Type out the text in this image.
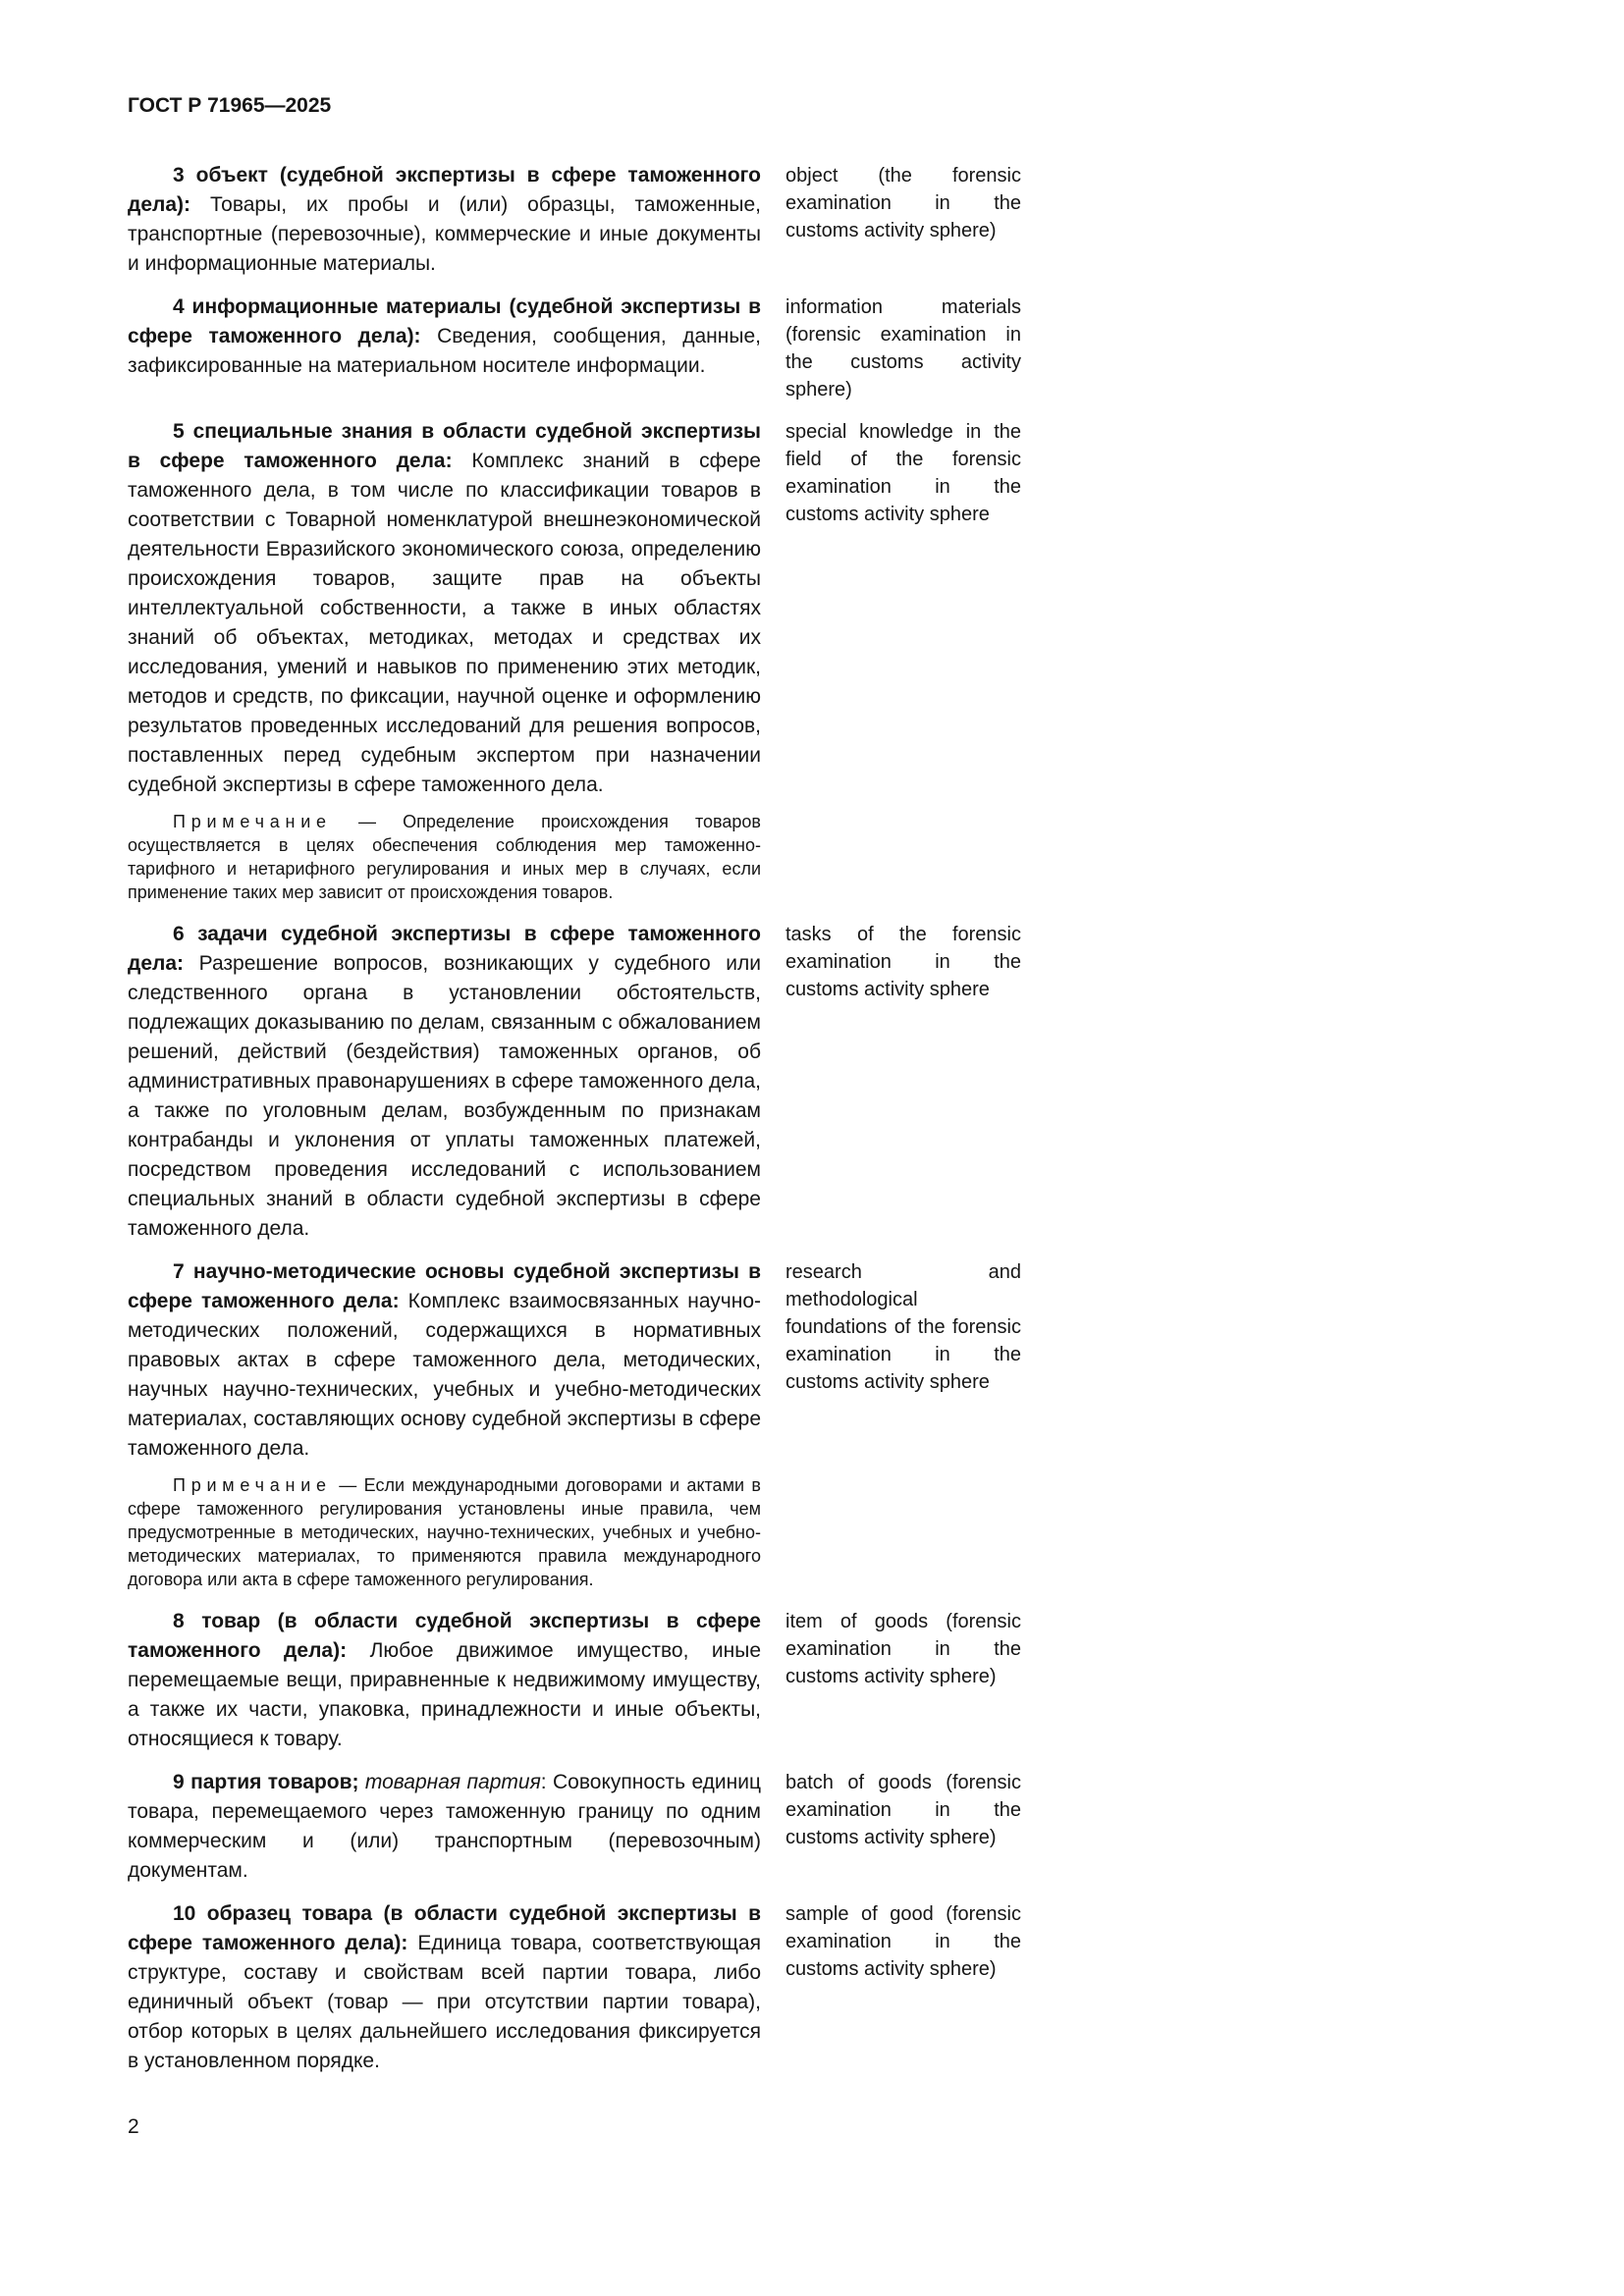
ГОСТ Р 71965—2025

3 объект (судебной экспертизы в сфере таможенного дела): Товары, их пробы и (или) образцы, таможенные, транспортные (перевозочные), коммерческие и иные документы и информационные материалы.

object (the forensic examination in the customs activity sphere)

4 информационные материалы (судебной экспертизы в сфере таможенного дела): Сведения, сообщения, данные, зафиксированные на материальном носителе информации.

information materials (forensic examination in the customs activity sphere)

5 специальные знания в области судебной экспертизы в сфере таможенного дела: Комплекс знаний в сфере таможенного дела, в том числе по классификации товаров в соответствии с Товарной номенклатурой внешнеэкономической деятельности Евразийского экономического союза, определению происхождения товаров, защите прав на объекты интеллектуальной собственности, а также в иных областях знаний об объектах, методиках, методах и средствах их исследования, умений и навыков по применению этих методик, методов и средств, по фиксации, научной оценке и оформлению результатов проведенных исследований для решения вопросов, поставленных перед судебным экспертом при назначении судебной экспертизы в сфере таможенного дела.

Примечание — Определение происхождения товаров осуществляется в целях обеспечения соблюдения мер таможенно-тарифного и нетарифного регулирования и иных мер в случаях, если применение таких мер зависит от происхождения товаров.

special knowledge in the field of the forensic examination in the customs activity sphere

6 задачи судебной экспертизы в сфере таможенного дела: Разрешение вопросов, возникающих у судебного или следственного органа в установлении обстоятельств, подлежащих доказыванию по делам, связанным с обжалованием решений, действий (бездействия) таможенных органов, об административных правонарушениях в сфере таможенного дела, а также по уголовным делам, возбужденным по признакам контрабанды и уклонения от уплаты таможенных платежей, посредством проведения исследований с использованием специальных знаний в области судебной экспертизы в сфере таможенного дела.

tasks of the forensic examination in the customs activity sphere

7 научно-методические основы судебной экспертизы в сфере таможенного дела: Комплекс взаимосвязанных научно-методических положений, содержащихся в нормативных правовых актах в сфере таможенного дела, методических, научных научно-технических, учебных и учебно-методических материалах, составляющих основу судебной экспертизы в сфере таможенного дела.

Примечание — Если международными договорами и актами в сфере таможенного регулирования установлены иные правила, чем предусмотренные в методических, научно-технических, учебных и учебно-методических материалах, то применяются правила международного договора или акта в сфере таможенного регулирования.

research and methodological foundations of the forensic examination in the customs activity sphere

8 товар (в области судебной экспертизы в сфере таможенного дела): Любое движимое имущество, иные перемещаемые вещи, приравненные к недвижимому имуществу, а также их части, упаковка, принадлежности и иные объекты, относящиеся к товару.

item of goods (forensic examination in the customs activity sphere)

9 партия товаров; товарная партия: Совокупность единиц товара, перемещаемого через таможенную границу по одним коммерческим и (или) транспортным (перевозочным) документам.

batch of goods (forensic examination in the customs activity sphere)

10 образец товара (в области судебной экспертизы в сфере таможенного дела): Единица товара, соответствующая структуре, составу и свойствам всей партии товара, либо единичный объект (товар — при отсутствии партии товара), отбор которых в целях дальнейшего исследования фиксируется в установленном порядке.

sample of good (forensic examination in the customs activity sphere)

2
